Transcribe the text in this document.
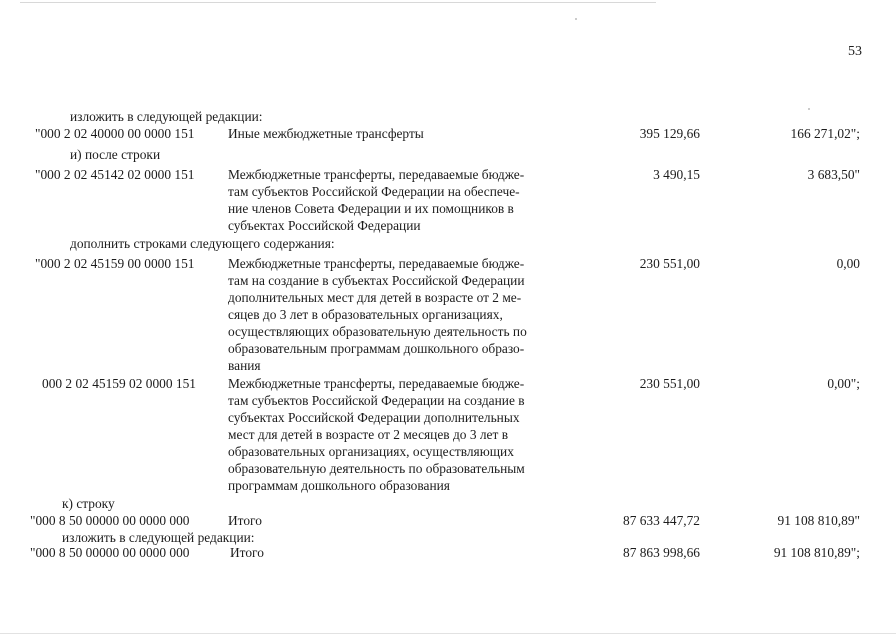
53
изложить в следующей редакции:
"000 2 02 40000 00 0000 151	Иные межбюджетные трансферты	395 129,66	166 271,02";
и) после строки
"000 2 02 45142 02 0000 151	Межбюджетные трансферты, передаваемые бюдже-
там субъектов Российской Федерации на обеспече-
ние членов Совета Федерации и их помощников в
субъектах Российской Федерации
3 490,15	3 683,50"
дополнить строками следующего содержания:
"000 2 02 45159 00 0000 151	Межбюджетные трансферты, передаваемые бюдже-
там на создание в субъектах Российской Федерации
дополнительных мест для детей в возрасте от 2 ме-
сяцев до 3 лет в образовательных организациях,
осуществляющих образовательную деятельность по
образовательным программам дошкольного образо-
вания
230 551,00	0,00
000 2 02 45159 02 0000 151 Межбюджетные трансферты, передаваемые бюдже-
там субъектов Российской Федерации на создание в
субъектах Российской Федерации дополнительных
мест для детей в возрасте от 2 месяцев до 3 лет в
образовательных организациях, осуществляющих
образовательную деятельность по образовательным
программам дошкольного образования
230 551,00	0,00";
к) строку
"000 8 50 00000 00 0000 000	Итого	87 633 447,72	91 108 810,89"
изложить в следующей редакции:
"000 8 50 00000 00 0000 000	Итого	87 863 998,66	91 108 810,89";
